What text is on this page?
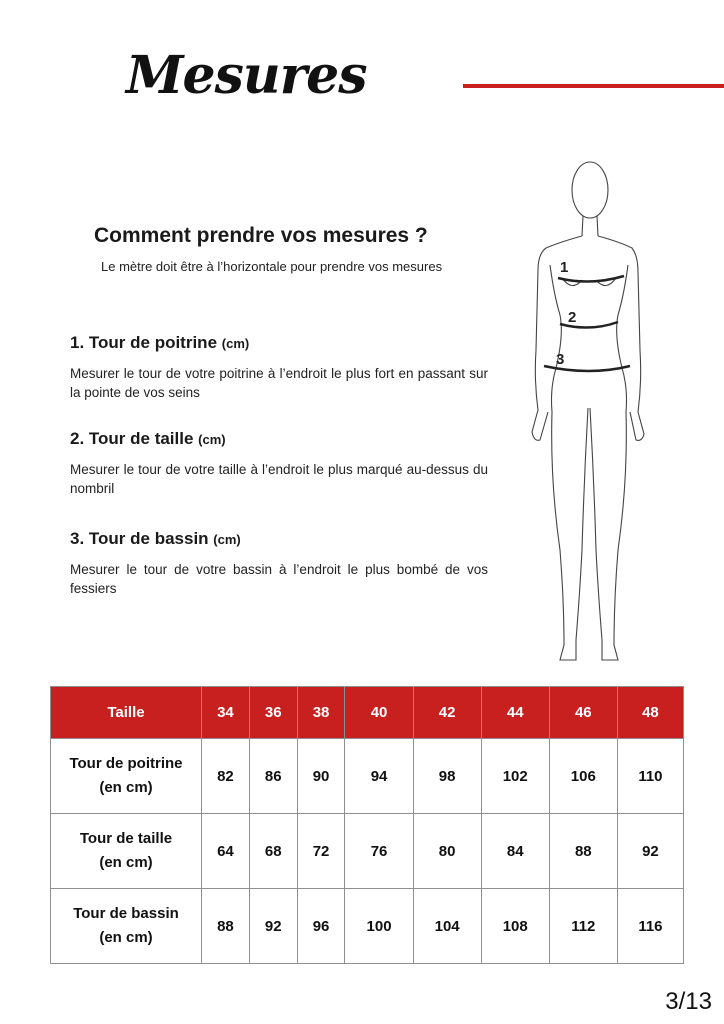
Mesures
Comment prendre vos mesures ?
Le mètre doit être à l’horizontale pour prendre vos mesures
1. Tour de poitrine (cm)
Mesurer le tour de votre poitrine à l’endroit le plus fort en passant sur la pointe de vos seins
2. Tour de taille (cm)
Mesurer le tour de votre taille à l’endroit le plus marqué au-dessus du nombril
3. Tour de bassin (cm)
Mesurer le tour de votre bassin à l’endroit le plus bombé de vos fessiers
1
2
3
Taille	34	36	38	40	42	44	46	48
Tour de poitrine
(en cm)	82	86	90	94	98	102	106	110
Tour de taille
(en cm)	64	68	72	76	80	84	88	92
Tour de bassin
(en cm)	88	92	96	100	104	108	112	116
3/13
